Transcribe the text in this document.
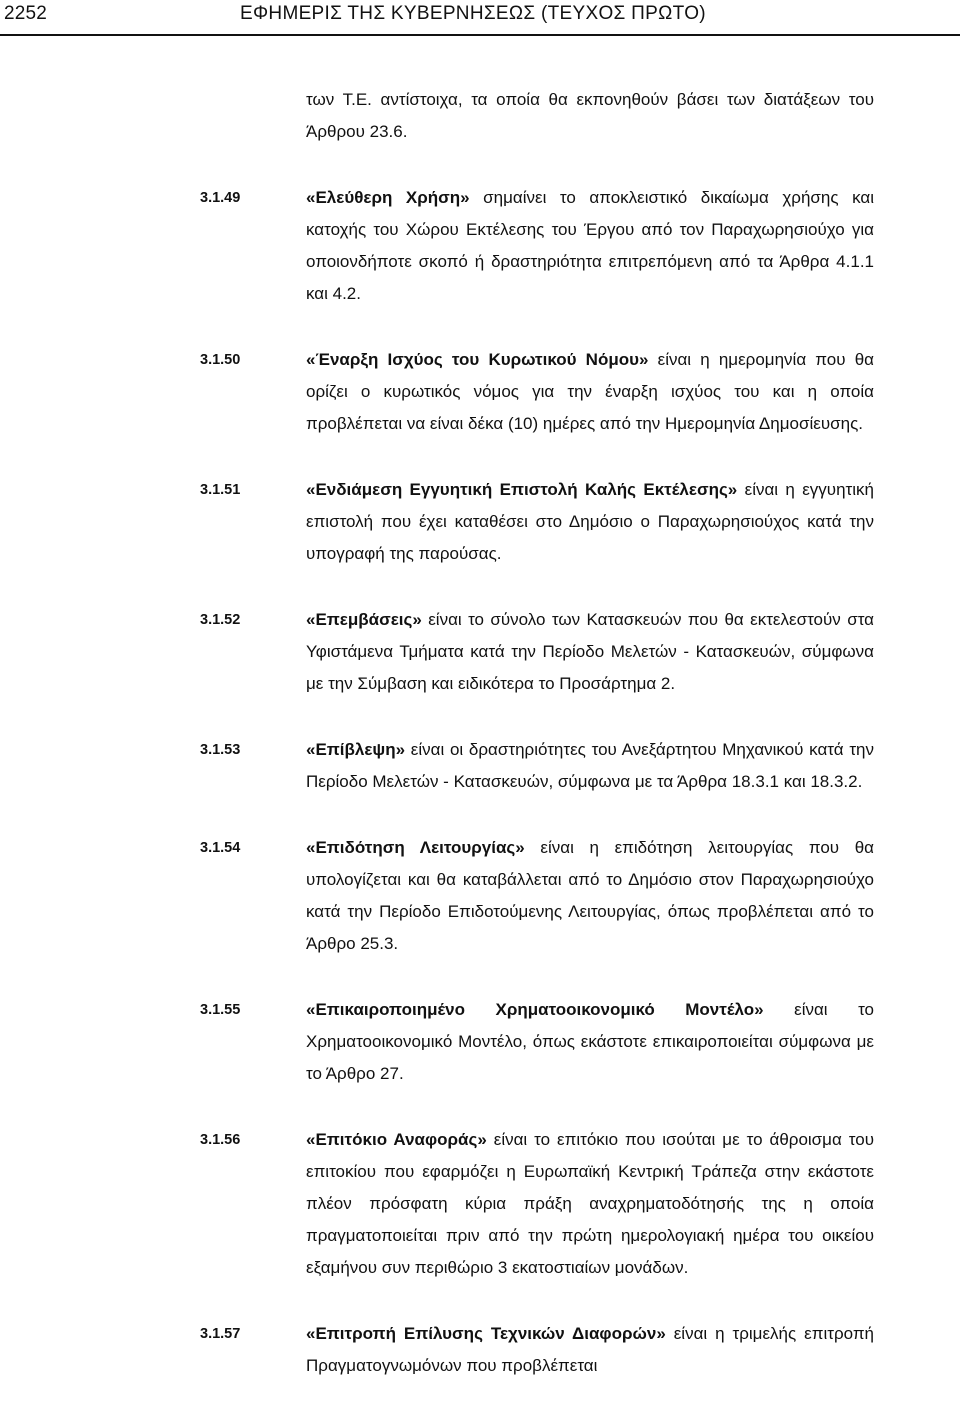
2252	ΕΦΗΜΕΡΙΣ ΤΗΣ ΚΥΒΕΡΝΗΣΕΩΣ (ΤΕΥΧΟΣ ΠΡΩΤΟ)
των Τ.Ε. αντίστοιχα, τα οποία θα εκπονηθούν βάσει των διατάξεων του Άρθρου 23.6.
3.1.49	«Ελεύθερη Χρήση» σημαίνει το αποκλειστικό δικαίωμα χρήσης και κατοχής του Χώρου Εκτέλεσης του Έργου από τον Παραχωρησιούχο για οποιονδήποτε σκοπό ή δραστηριότητα επιτρεπόμενη από τα Άρθρα 4.1.1 και 4.2.
3.1.50	«Έναρξη Ισχύος του Κυρωτικού Νόμου» είναι η ημερομηνία που θα ορίζει ο κυρωτικός νόμος για την έναρξη ισχύος του και η οποία προβλέπεται να είναι δέκα (10) ημέρες από την Ημερομηνία Δημοσίευσης.
3.1.51	«Ενδιάμεση Εγγυητική Επιστολή Καλής Εκτέλεσης» είναι η εγγυητική επιστολή που έχει καταθέσει στο Δημόσιο ο Παραχωρησιούχος κατά την υπογραφή της παρούσας.
3.1.52	«Επεμβάσεις» είναι το σύνολο των Κατασκευών που θα εκτελεστούν στα Υφιστάμενα Τμήματα κατά την Περίοδο Μελετών - Κατασκευών, σύμφωνα με την Σύμβαση και ειδικότερα το Προσάρτημα 2.
3.1.53	«Επίβλεψη» είναι οι δραστηριότητες του Ανεξάρτητου Μηχανικού κατά την Περίοδο Μελετών - Κατασκευών, σύμφωνα με τα Άρθρα 18.3.1 και 18.3.2.
3.1.54	«Επιδότηση Λειτουργίας» είναι η επιδότηση λειτουργίας που θα υπολογίζεται και θα καταβάλλεται από το Δημόσιο στον Παραχωρησιούχο κατά την Περίοδο Επιδοτούμενης Λειτουργίας, όπως προβλέπεται από το Άρθρο 25.3.
3.1.55	«Επικαιροποιημένο Χρηματοοικονομικό Μοντέλο» είναι το Χρηματοοικονομικό Μοντέλο, όπως εκάστοτε επικαιροποιείται σύμφωνα με το Άρθρο 27.
3.1.56	«Επιτόκιο Αναφοράς» είναι το επιτόκιο που ισούται με το άθροισμα του επιτοκίου που εφαρμόζει η Ευρωπαϊκή Κεντρική Τράπεζα στην εκάστοτε πλέον πρόσφατη κύρια πράξη αναχρηματοδότησής της η οποία πραγματοποιείται πριν από την πρώτη ημερολογιακή ημέρα του οικείου εξαμήνου συν περιθώριο 3 εκατοστιαίων μονάδων.
3.1.57	«Επιτροπή Επίλυσης Τεχνικών Διαφορών» είναι η τριμελής επιτροπή Πραγματογνωμόνων που προβλέπεται
